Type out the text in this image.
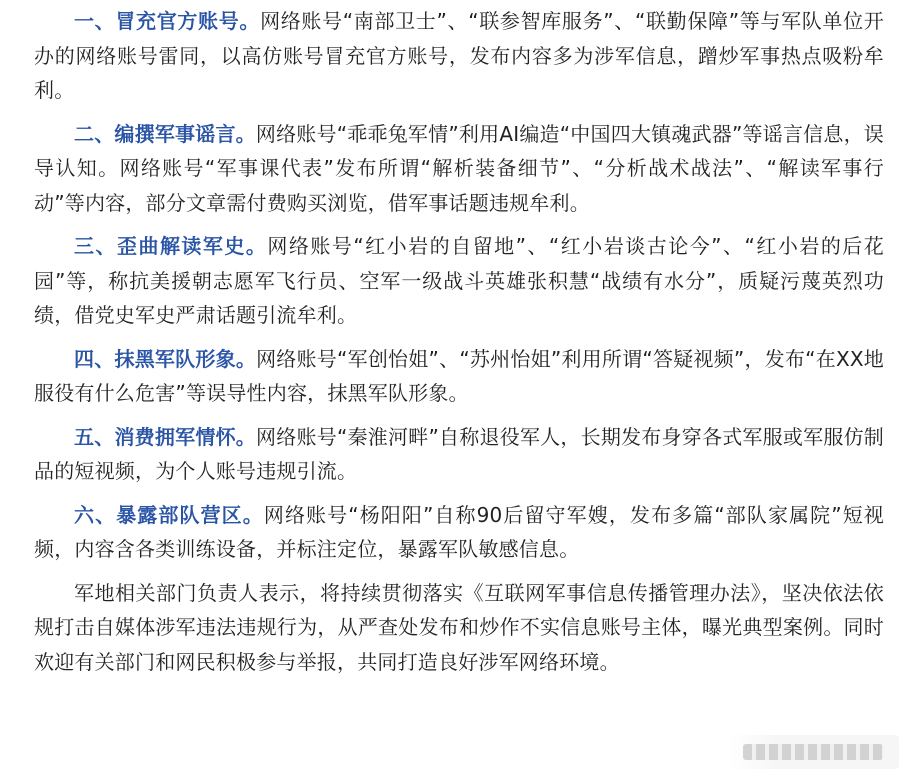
一、冒充官方账号。网络账号“南部卫士”、“联参智库服务”、“联勤保障”等与军队单位开办的网络账号雷同，以高仿账号冒充官方账号，发布内容多为涉军信息，蹭炒军事热点吸粉牟利。

二、编撰军事谣言。网络账号“乖乖兔军情”利用AI编造“中国四大镇魂武器”等谣言信息，误导认知。网络账号“军事课代表”发布所谓“解析装备细节”、“分析战术战法”、“解读军事行动”等内容，部分文章需付费购买浏览，借军事话题违规牟利。

三、歪曲解读军史。网络账号“红小岩的自留地”、“红小岩谈古论今”、“红小岩的后花园”等，称抗美援朝志愿军飞行员、空军一级战斗英雄张积慧“战绩有水分”，质疑污蔑英烈功绩，借党史军史严肃话题引流牟利。

四、抹黑军队形象。网络账号“军创怡姐”、“苏州怡姐”利用所谓“答疑视频”，发布“在XX地服役有什么危害”等误导性内容，抹黑军队形象。

五、消费拥军情怀。网络账号“秦淮河畔”自称退役军人，长期发布身穿各式军服或军服仿制品的短视频，为个人账号违规引流。

六、暴露部队营区。网络账号“杨阳阳”自称90后留守军嫂，发布多篇“部队家属院”短视频，内容含各类训练设备，并标注定位，暴露军队敏感信息。

军地相关部门负责人表示，将持续贯彻落实《互联网军事信息传播管理办法》，坚决依法依规打击自媒体涉军违法违规行为，从严查处发布和炒作不实信息账号主体，曝光典型案例。同时欢迎有关部门和网民积极参与举报，共同打造良好涉军网络环境。
